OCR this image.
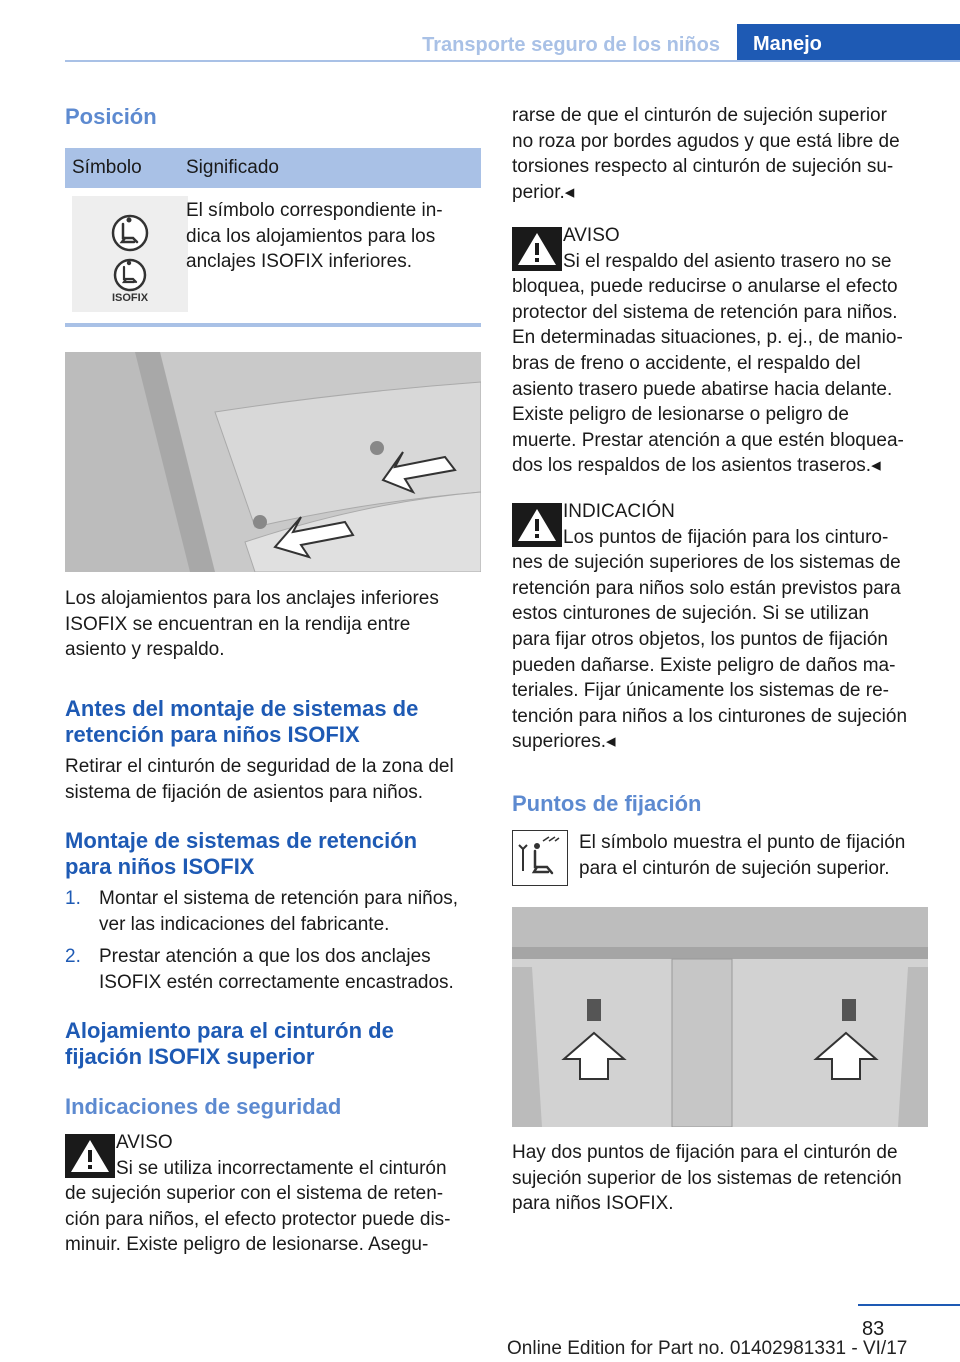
Transporte seguro de los niños	Manejo
Posición
Símbolo Significado
ISOFIX
El símbolo correspondiente in-
dica los alojamientos para los
anclajes ISOFIX inferiores.
Los alojamientos para los anclajes inferiores
ISOFIX se encuentran en la rendija entre
asiento y respaldo.
Antes del montaje de sistemas de
retención para niños ISOFIX
Retirar el cinturón de seguridad de la zona del
sistema de fijación de asientos para niños.
Montaje de sistemas de retención
para niños ISOFIX
1. Montar el sistema de retención para niños,
ver las indicaciones del fabricante.
2. Prestar atención a que los dos anclajes
ISOFIX estén correctamente encastrados.
Alojamiento para el cinturón de
fijación ISOFIX superior
Indicaciones de seguridad
AVISO
Si se utiliza incorrectamente el cinturón
de sujeción superior con el sistema de reten-
ción para niños, el efecto protector puede dis-
minuir. Existe peligro de lesionarse. Asegu-
rarse de que el cinturón de sujeción superior
no roza por bordes agudos y que está libre de
torsiones respecto al cinturón de sujeción su-
perior.◂
AVISO
Si el respaldo del asiento trasero no se
bloquea, puede reducirse o anularse el efecto
protector del sistema de retención para niños.
En determinadas situaciones, p. ej., de manio-
bras de freno o accidente, el respaldo del
asiento trasero puede abatirse hacia delante.
Existe peligro de lesionarse o peligro de
muerte. Prestar atención a que estén bloquea-
dos los respaldos de los asientos traseros.◂
INDICACIÓN
Los puntos de fijación para los cinturo-
nes de sujeción superiores de los sistemas de
retención para niños solo están previstos para
estos cinturones de sujeción. Si se utilizan
para fijar otros objetos, los puntos de fijación
pueden dañarse. Existe peligro de daños ma-
teriales. Fijar únicamente los sistemas de re-
tención para niños a los cinturones de sujeción
superiores.◂
Puntos de fijación
El símbolo muestra el punto de fijación
para el cinturón de sujeción superior.
Hay dos puntos de fijación para el cinturón de
sujeción superior de los sistemas de retención
para niños ISOFIX.
83
Online Edition for Part no. 01402981331 - VI/17
